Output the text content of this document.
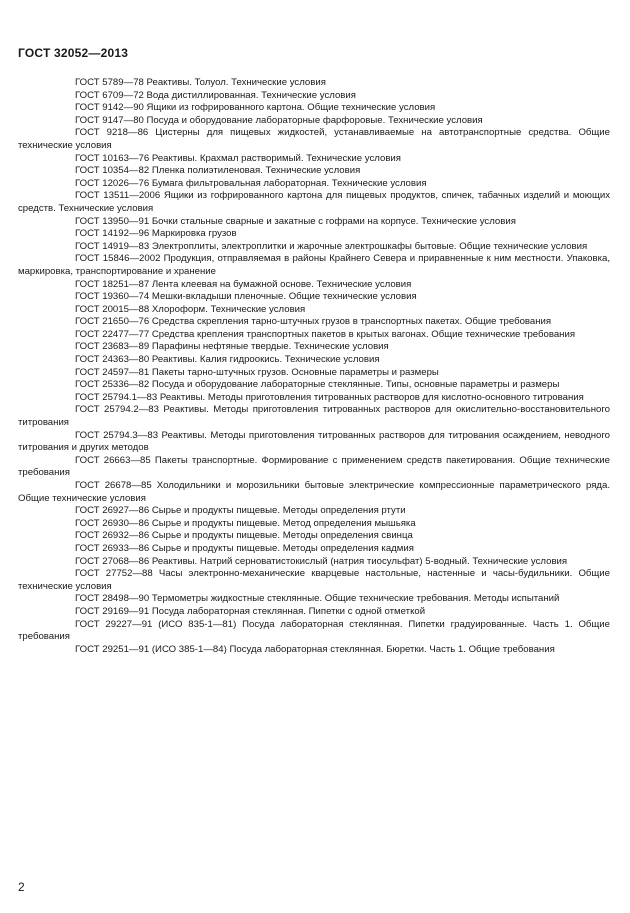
ГОСТ 32052—2013

ГОСТ 5789—78 Реактивы. Толуол. Технические условия

ГОСТ 6709—72 Вода дистиллированная. Технические условия

ГОСТ 9142—90 Ящики из гофрированного картона. Общие технические условия

ГОСТ 9147—80 Посуда и оборудование лабораторные фарфоровые. Технические условия

ГОСТ 9218—86 Цистерны для пищевых жидкостей, устанавливаемые на автотранспортные средства. Общие технические условия

ГОСТ 10163—76 Реактивы. Крахмал растворимый. Технические условия

ГОСТ 10354—82 Пленка полиэтиленовая. Технические условия

ГОСТ 12026—76 Бумага фильтровальная лабораторная. Технические условия

ГОСТ 13511—2006 Ящики из гофрированного картона для пищевых продуктов, спичек, табачных изделий и моющих средств. Технические условия

ГОСТ 13950—91 Бочки стальные сварные и закатные с гофрами на корпусе. Технические условия

ГОСТ 14192—96 Маркировка грузов

ГОСТ 14919—83 Электроплиты, электроплитки и жарочные электрошкафы бытовые. Общие технические условия

ГОСТ 15846—2002 Продукция, отправляемая в районы Крайнего Севера и приравненные к ним местности. Упаковка, маркировка, транспортирование и хранение

ГОСТ 18251—87 Лента клеевая на бумажной основе. Технические условия

ГОСТ 19360—74 Мешки-вкладыши пленочные. Общие технические условия

ГОСТ 20015—88 Хлороформ. Технические условия

ГОСТ 21650—76 Средства скрепления тарно-штучных грузов в транспортных пакетах. Общие требования

ГОСТ 22477—77 Средства крепления транспортных пакетов в крытых вагонах. Общие технические требования

ГОСТ 23683—89 Парафины нефтяные твердые. Технические условия

ГОСТ 24363—80 Реактивы. Калия гидроокись. Технические условия

ГОСТ 24597—81 Пакеты тарно-штучных грузов. Основные параметры и размеры

ГОСТ 25336—82 Посуда и оборудование лабораторные стеклянные. Типы, основные параметры и размеры

ГОСТ 25794.1—83 Реактивы. Методы приготовления титрованных растворов для кислотно-основного титрования

ГОСТ 25794.2—83 Реактивы. Методы приготовления титрованных растворов для окислительно-восстановительного титрования

ГОСТ 25794.3—83 Реактивы. Методы приготовления титрованных растворов для титрования осаждением, неводного титрования и других методов

ГОСТ 26663—85 Пакеты транспортные. Формирование с применением средств пакетирования. Общие технические требования

ГОСТ 26678—85 Холодильники и морозильники бытовые электрические компрессионные параметрического ряда. Общие технические условия

ГОСТ 26927—86 Сырье и продукты пищевые. Методы определения ртути

ГОСТ 26930—86 Сырье и продукты пищевые. Метод определения мышьяка

ГОСТ 26932—86 Сырье и продукты пищевые. Методы определения свинца

ГОСТ 26933—86 Сырье и продукты пищевые. Методы определения кадмия

ГОСТ 27068—86 Реактивы. Натрий серноватистокислый (натрия тиосульфат) 5-водный. Технические условия

ГОСТ 27752—88 Часы электронно-механические кварцевые настольные, настенные и часы-будильники. Общие технические условия

ГОСТ 28498—90 Термометры жидкостные стеклянные. Общие технические требования. Методы испытаний

ГОСТ 29169—91 Посуда лабораторная стеклянная. Пипетки с одной отметкой

ГОСТ 29227—91 (ИСО 835-1—81) Посуда лабораторная стеклянная. Пипетки градуированные. Часть 1. Общие требования

ГОСТ 29251—91 (ИСО 385-1—84) Посуда лабораторная стеклянная. Бюретки. Часть 1. Общие требования

2
